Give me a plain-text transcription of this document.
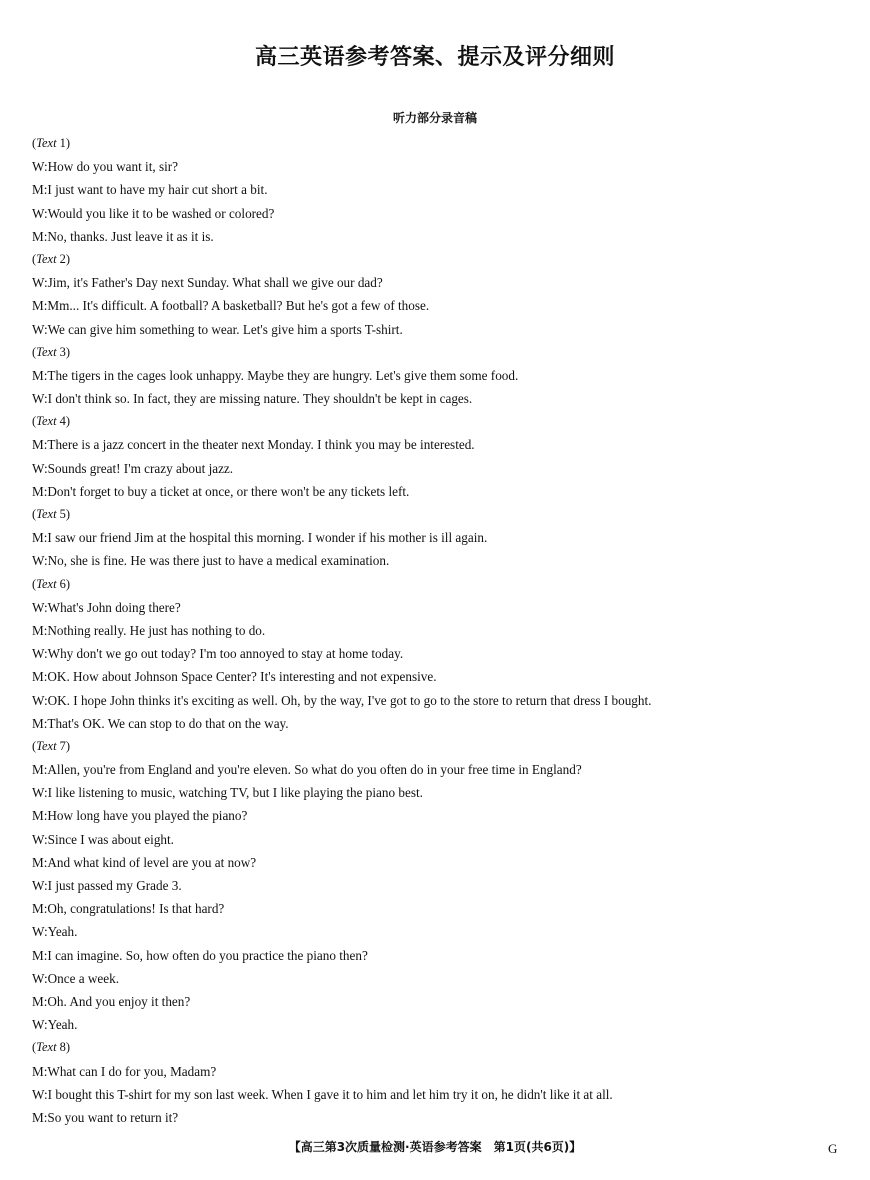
高三英语参考答案、提示及评分细则
听力部分录音稿
(Text 1)
W:How do you want it, sir?
M:I just want to have my hair cut short a bit.
W:Would you like it to be washed or colored?
M:No, thanks. Just leave it as it is.
(Text 2)
W:Jim, it's Father's Day next Sunday. What shall we give our dad?
M:Mm... It's difficult. A football? A basketball? But he's got a few of those.
W:We can give him something to wear. Let's give him a sports T-shirt.
(Text 3)
M:The tigers in the cages look unhappy. Maybe they are hungry. Let's give them some food.
W:I don't think so. In fact, they are missing nature. They shouldn't be kept in cages.
(Text 4)
M:There is a jazz concert in the theater next Monday. I think you may be interested.
W:Sounds great! I'm crazy about jazz.
M:Don't forget to buy a ticket at once, or there won't be any tickets left.
(Text 5)
M:I saw our friend Jim at the hospital this morning. I wonder if his mother is ill again.
W:No, she is fine. He was there just to have a medical examination.
(Text 6)
W:What's John doing there?
M:Nothing really. He just has nothing to do.
W:Why don't we go out today? I'm too annoyed to stay at home today.
M:OK. How about Johnson Space Center? It's interesting and not expensive.
W:OK. I hope John thinks it's exciting as well. Oh, by the way, I've got to go to the store to return that dress I bought.
M:That's OK. We can stop to do that on the way.
(Text 7)
M:Allen, you're from England and you're eleven. So what do you often do in your free time in England?
W:I like listening to music, watching TV, but I like playing the piano best.
M:How long have you played the piano?
W:Since I was about eight.
M:And what kind of level are you at now?
W:I just passed my Grade 3.
M:Oh, congratulations! Is that hard?
W:Yeah.
M:I can imagine. So, how often do you practice the piano then?
W:Once a week.
M:Oh. And you enjoy it then?
W:Yeah.
(Text 8)
M:What can I do for you, Madam?
W:I bought this T-shirt for my son last week. When I gave it to him and let him try it on, he didn't like it at all.
M:So you want to return it?
【高三第3次质量检测·英语参考答案　第1页(共6页)】	G
